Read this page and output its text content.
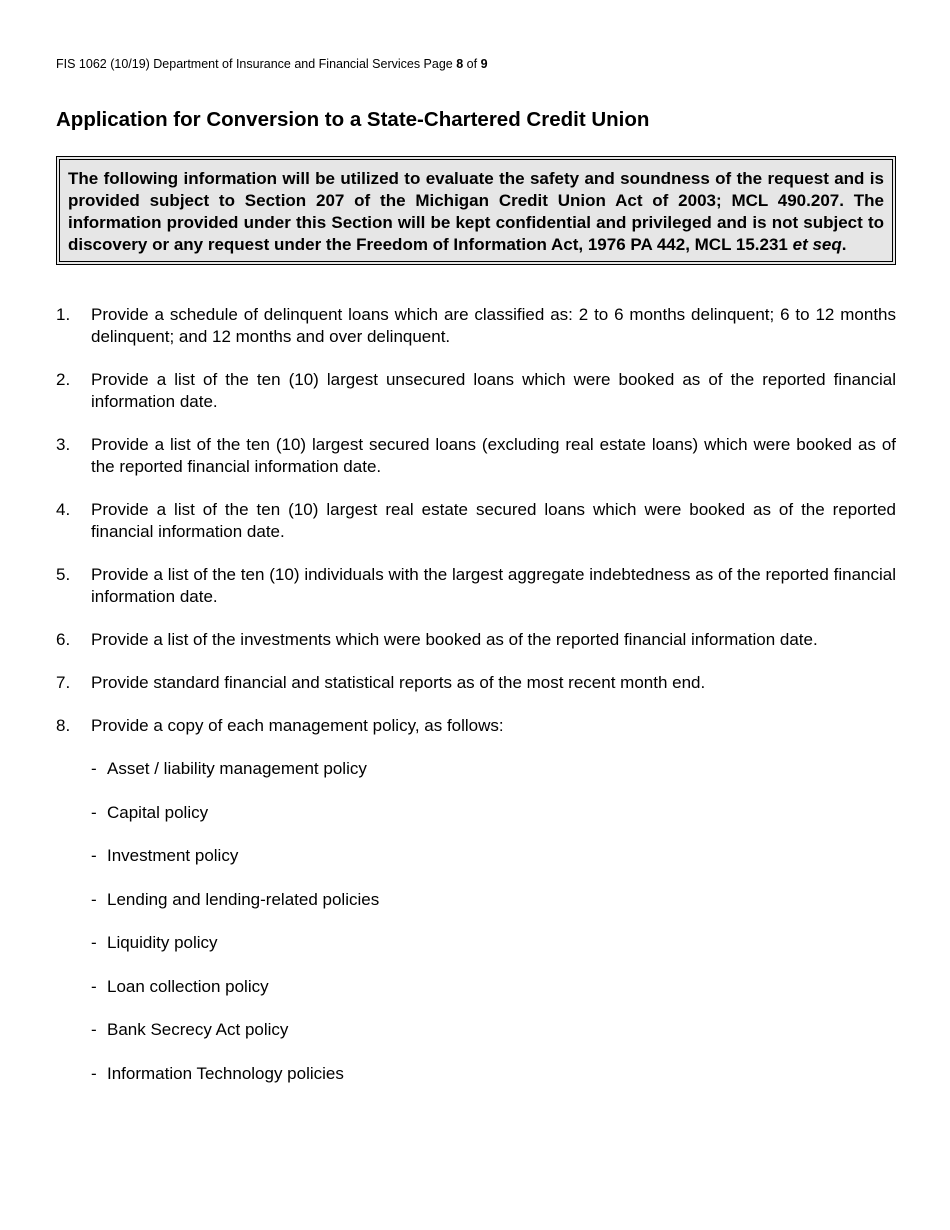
FIS 1062 (10/19) Department of Insurance and Financial Services Page 8 of 9
Application for Conversion to a State-Chartered Credit Union
The following information will be utilized to evaluate the safety and soundness of the request and is provided subject to Section 207 of the Michigan Credit Union Act of 2003; MCL 490.207. The information provided under this Section will be kept confidential and privileged and is not subject to discovery or any request under the Freedom of Information Act, 1976 PA 442, MCL 15.231 et seq.
1. Provide a schedule of delinquent loans which are classified as: 2 to 6 months delinquent; 6 to 12 months delinquent; and 12 months and over delinquent.
2. Provide a list of the ten (10) largest unsecured loans which were booked as of the reported financial information date.
3. Provide a list of the ten (10) largest secured loans (excluding real estate loans) which were booked as of the reported financial information date.
4. Provide a list of the ten (10) largest real estate secured loans which were booked as of the reported financial information date.
5. Provide a list of the ten (10) individuals with the largest aggregate indebtedness as of the reported financial information date.
6. Provide a list of the investments which were booked as of the reported financial information date.
7. Provide standard financial and statistical reports as of the most recent month end.
8. Provide a copy of each management policy, as follows:
- Asset / liability management policy
- Capital policy
- Investment policy
- Lending and lending-related policies
- Liquidity policy
- Loan collection policy
- Bank Secrecy Act policy
- Information Technology policies
